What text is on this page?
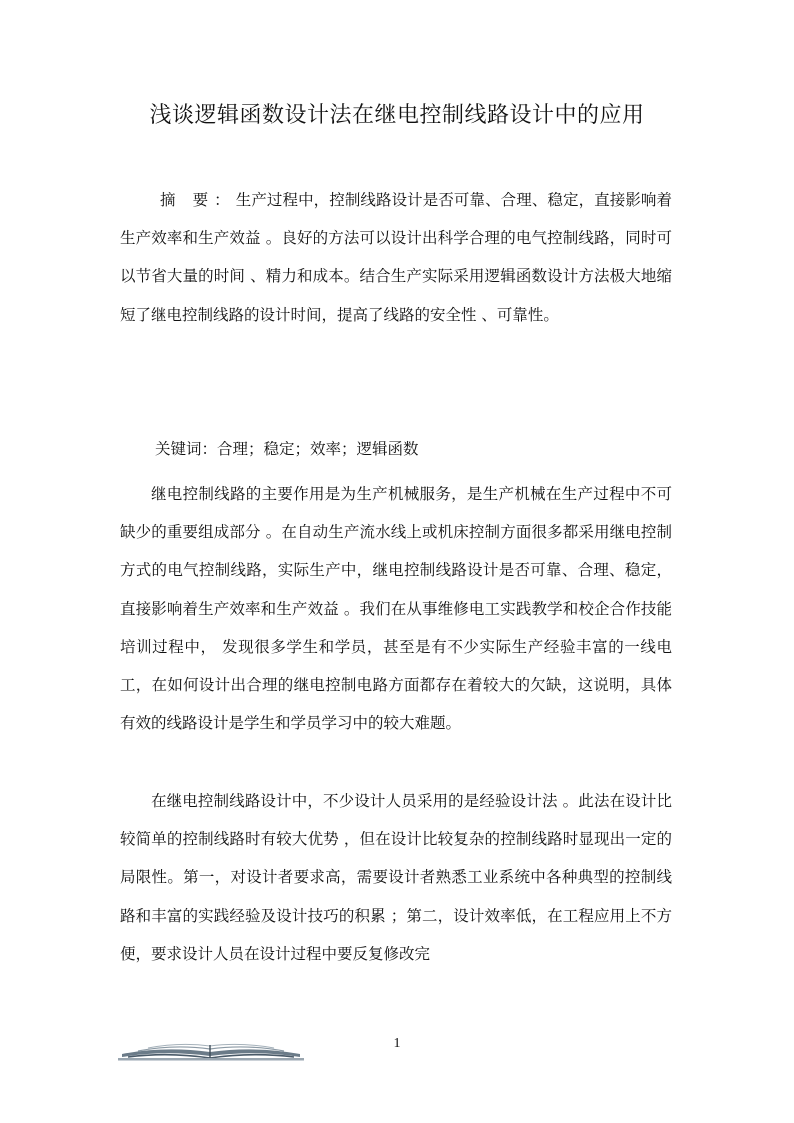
浅谈逻辑函数设计法在继电控制线路设计中的应用

摘 要：生产过程中，控制线路设计是否可靠、合理、稳定，直接影响着生产效率和生产效益 。良好的方法可以设计出科学合理的电气控制线路，同时可以节省大量的时间 、精力和成本。结合生产实际采用逻辑函数设计方法极大地缩短了继电控制线路的设计时间，提高了线路的安全性 、可靠性。

关键词：合理；稳定；效率；逻辑函数

继电控制线路的主要作用是为生产机械服务，是生产机械在生产过程中不可缺少的重要组成部分 。在自动生产流水线上或机床控制方面很多都采用继电控制方式的电气控制线路，实际生产中，继电控制线路设计是否可靠、合理、稳定，直接影响着生产效率和生产效益 。我们在从事维修电工实践教学和校企合作技能培训过程中， 发现很多学生和学员，甚至是有不少实际生产经验丰富的一线电工，在如何设计出合理的继电控制电路方面都存在着较大的欠缺，这说明，具体有效的线路设计是学生和学员学习中的较大难题。

在继电控制线路设计中，不少设计人员采用的是经验设计法 。此法在设计比较简单的控制线路时有较大优势 ，但在设计比较复杂的控制线路时显现出一定的局限性。第一，对设计者要求高，需要设计者熟悉工业系统中各种典型的控制线路和丰富的实践经验及设计技巧的积累 ；第二，设计效率低，在工程应用上不方便，要求设计人员在设计过程中要反复修改完

1
